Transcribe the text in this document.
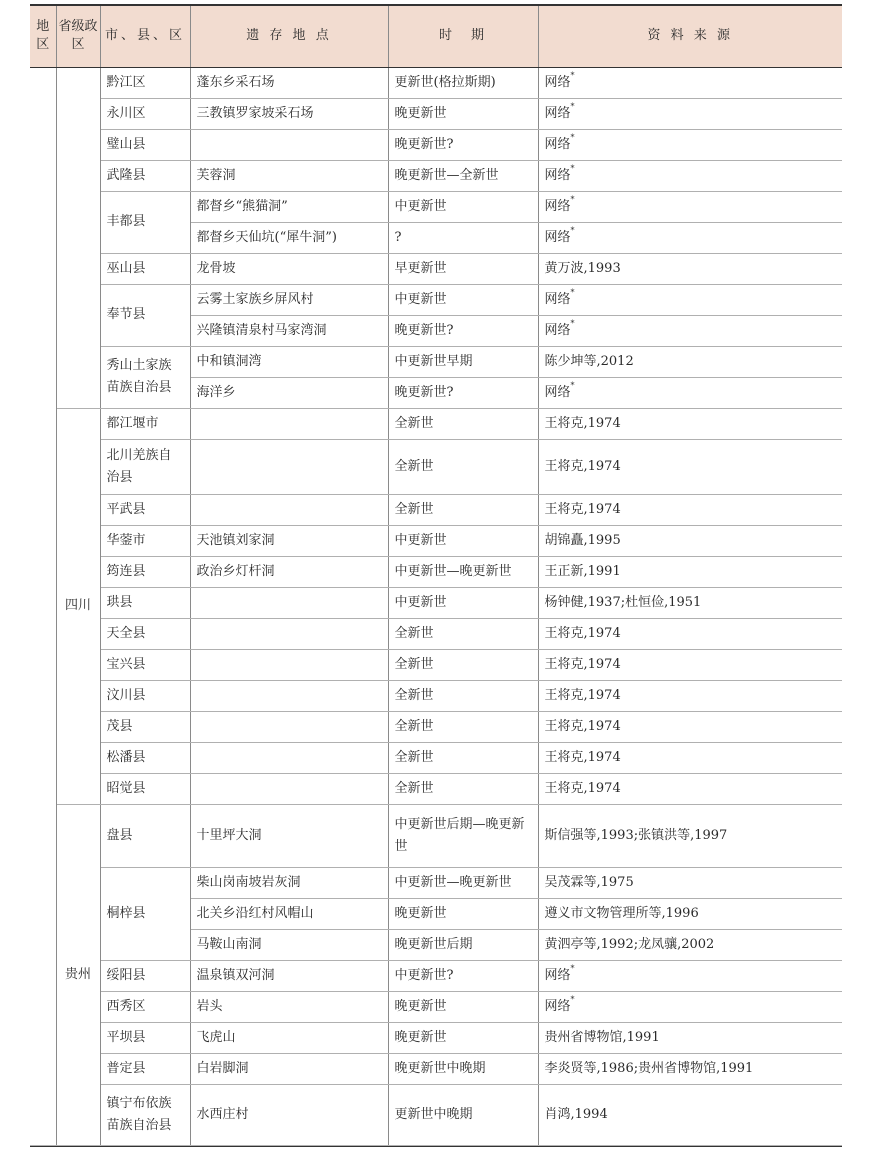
地区	省级政区	市、县、区	遗 存 地 点	时　期	资 料 来 源
		黔江区	蓬东乡采石场	更新世(格拉斯期)	网络*
		永川区	三教镇罗家坡采石场	晚更新世	网络*
		璧山县		晚更新世?	网络*
		武隆县	芙蓉洞	晚更新世—全新世	网络*
		丰都县	都督乡“熊猫洞”	中更新世	网络*
			都督乡天仙坑(“犀牛洞”)	?	网络*
		巫山县	龙骨坡	早更新世	黄万波,1993
		奉节县	云雾土家族乡屏风村	中更新世	网络*
			兴隆镇清泉村马家湾洞	晚更新世?	网络*
		秀山土家族苗族自治县	中和镇洞湾	中更新世早期	陈少坤等,2012
			海洋乡	晚更新世?	网络*
	四川	都江堰市		全新世	王将克,1974
		北川羌族自治县		全新世	王将克,1974
		平武县		全新世	王将克,1974
		华蓥市	天池镇刘家洞	中更新世	胡锦矗,1995
		筠连县	政治乡灯杆洞	中更新世—晚更新世	王正新,1991
		珙县		中更新世	杨钟健,1937;杜恒俭,1951
		天全县		全新世	王将克,1974
		宝兴县		全新世	王将克,1974
		汶川县		全新世	王将克,1974
		茂县		全新世	王将克,1974
		松潘县		全新世	王将克,1974
		昭觉县		全新世	王将克,1974
	贵州	盘县	十里坪大洞	中更新世后期—晚更新世	斯信强等,1993;张镇洪等,1997
		桐梓县	柴山岗南坡岩灰洞	中更新世—晚更新世	吴茂霖等,1975
			北关乡沿红村风帽山	晚更新世	遵义市文物管理所等,1996
			马鞍山南洞	晚更新世后期	黄泗亭等,1992;龙凤骧,2002
		绥阳县	温泉镇双河洞	中更新世?	网络*
		西秀区	岩头	晚更新世	网络*
		平坝县	飞虎山	晚更新世	贵州省博物馆,1991
		普定县	白岩脚洞	晚更新世中晚期	李炎贤等,1986;贵州省博物馆,1991
		镇宁布依族苗族自治县	水西庄村	更新世中晚期	肖鸿,1994
